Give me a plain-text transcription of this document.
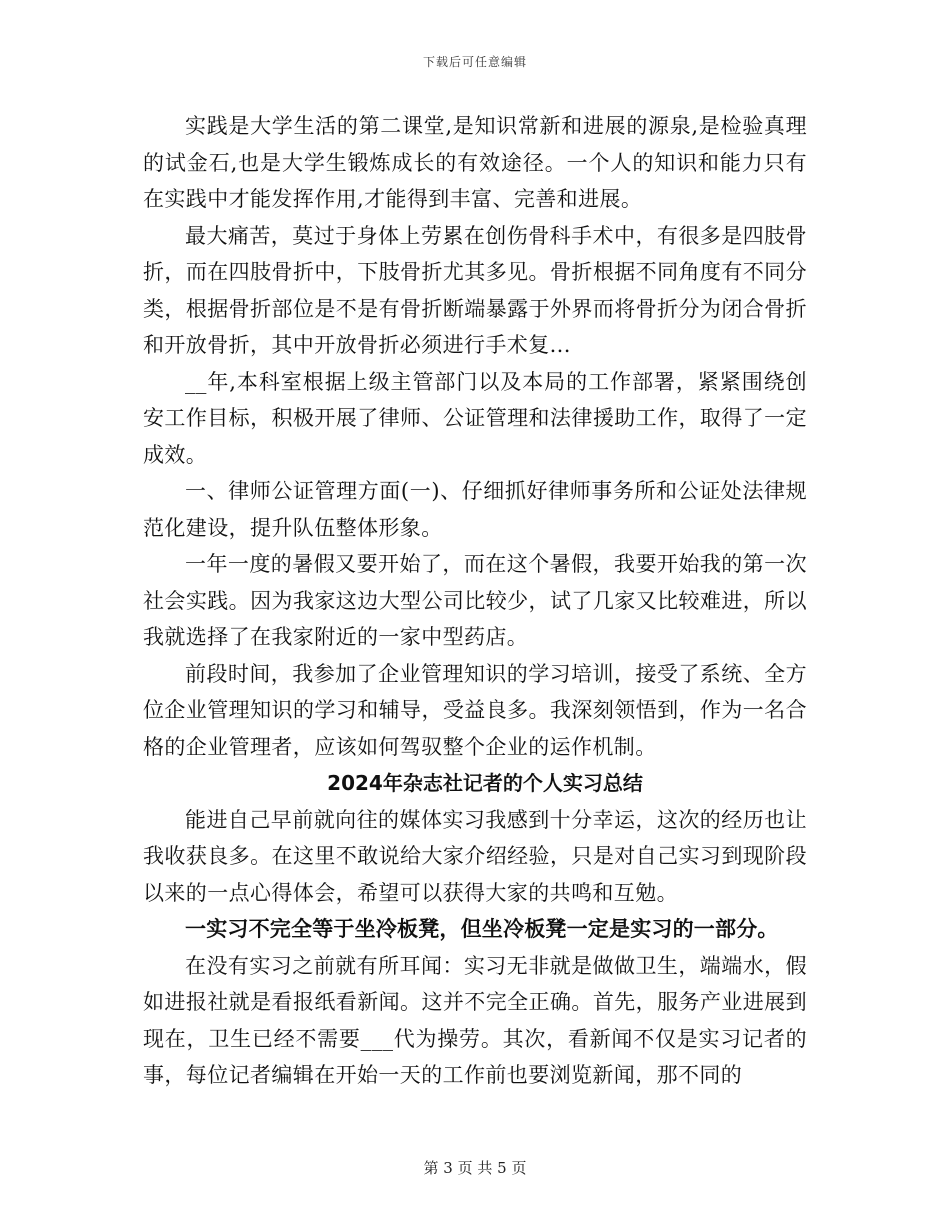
下载后可任意编辑

实践是大学生活的第二课堂,是知识常新和进展的源泉,是检验真理的试金石,也是大学生锻炼成长的有效途径。一个人的知识和能力只有在实践中才能发挥作用,才能得到丰富、完善和进展。

最大痛苦，莫过于身体上劳累在创伤骨科手术中，有很多是四肢骨折，而在四肢骨折中，下肢骨折尤其多见。骨折根据不同角度有不同分类，根据骨折部位是不是有骨折断端暴露于外界而将骨折分为闭合骨折和开放骨折，其中开放骨折必须进行手术复...

__年,本科室根据上级主管部门以及本局的工作部署，紧紧围绕创安工作目标，积极开展了律师、公证管理和法律援助工作，取得了一定成效。

一、律师公证管理方面(一)、仔细抓好律师事务所和公证处法律规范化建设，提升队伍整体形象。

一年一度的暑假又要开始了，而在这个暑假，我要开始我的第一次社会实践。因为我家这边大型公司比较少，试了几家又比较难进，所以我就选择了在我家附近的一家中型药店。

前段时间，我参加了企业管理知识的学习培训，接受了系统、全方位企业管理知识的学习和辅导，受益良多。我深刻领悟到，作为一名合格的企业管理者，应该如何驾驭整个企业的运作机制。

2024年杂志社记者的个人实习总结

能进自己早前就向往的媒体实习我感到十分幸运，这次的经历也让我收获良多。在这里不敢说给大家介绍经验，只是对自己实习到现阶段以来的一点心得体会，希望可以获得大家的共鸣和互勉。

一实习不完全等于坐冷板凳，但坐冷板凳一定是实习的一部分。

在没有实习之前就有所耳闻：实习无非就是做做卫生，端端水，假如进报社就是看报纸看新闻。这并不完全正确。首先，服务产业进展到现在，卫生已经不需要___代为操劳。其次，看新闻不仅是实习记者的事，每位记者编辑在开始一天的工作前也要浏览新闻，那不同的

第 3 页 共 5 页
